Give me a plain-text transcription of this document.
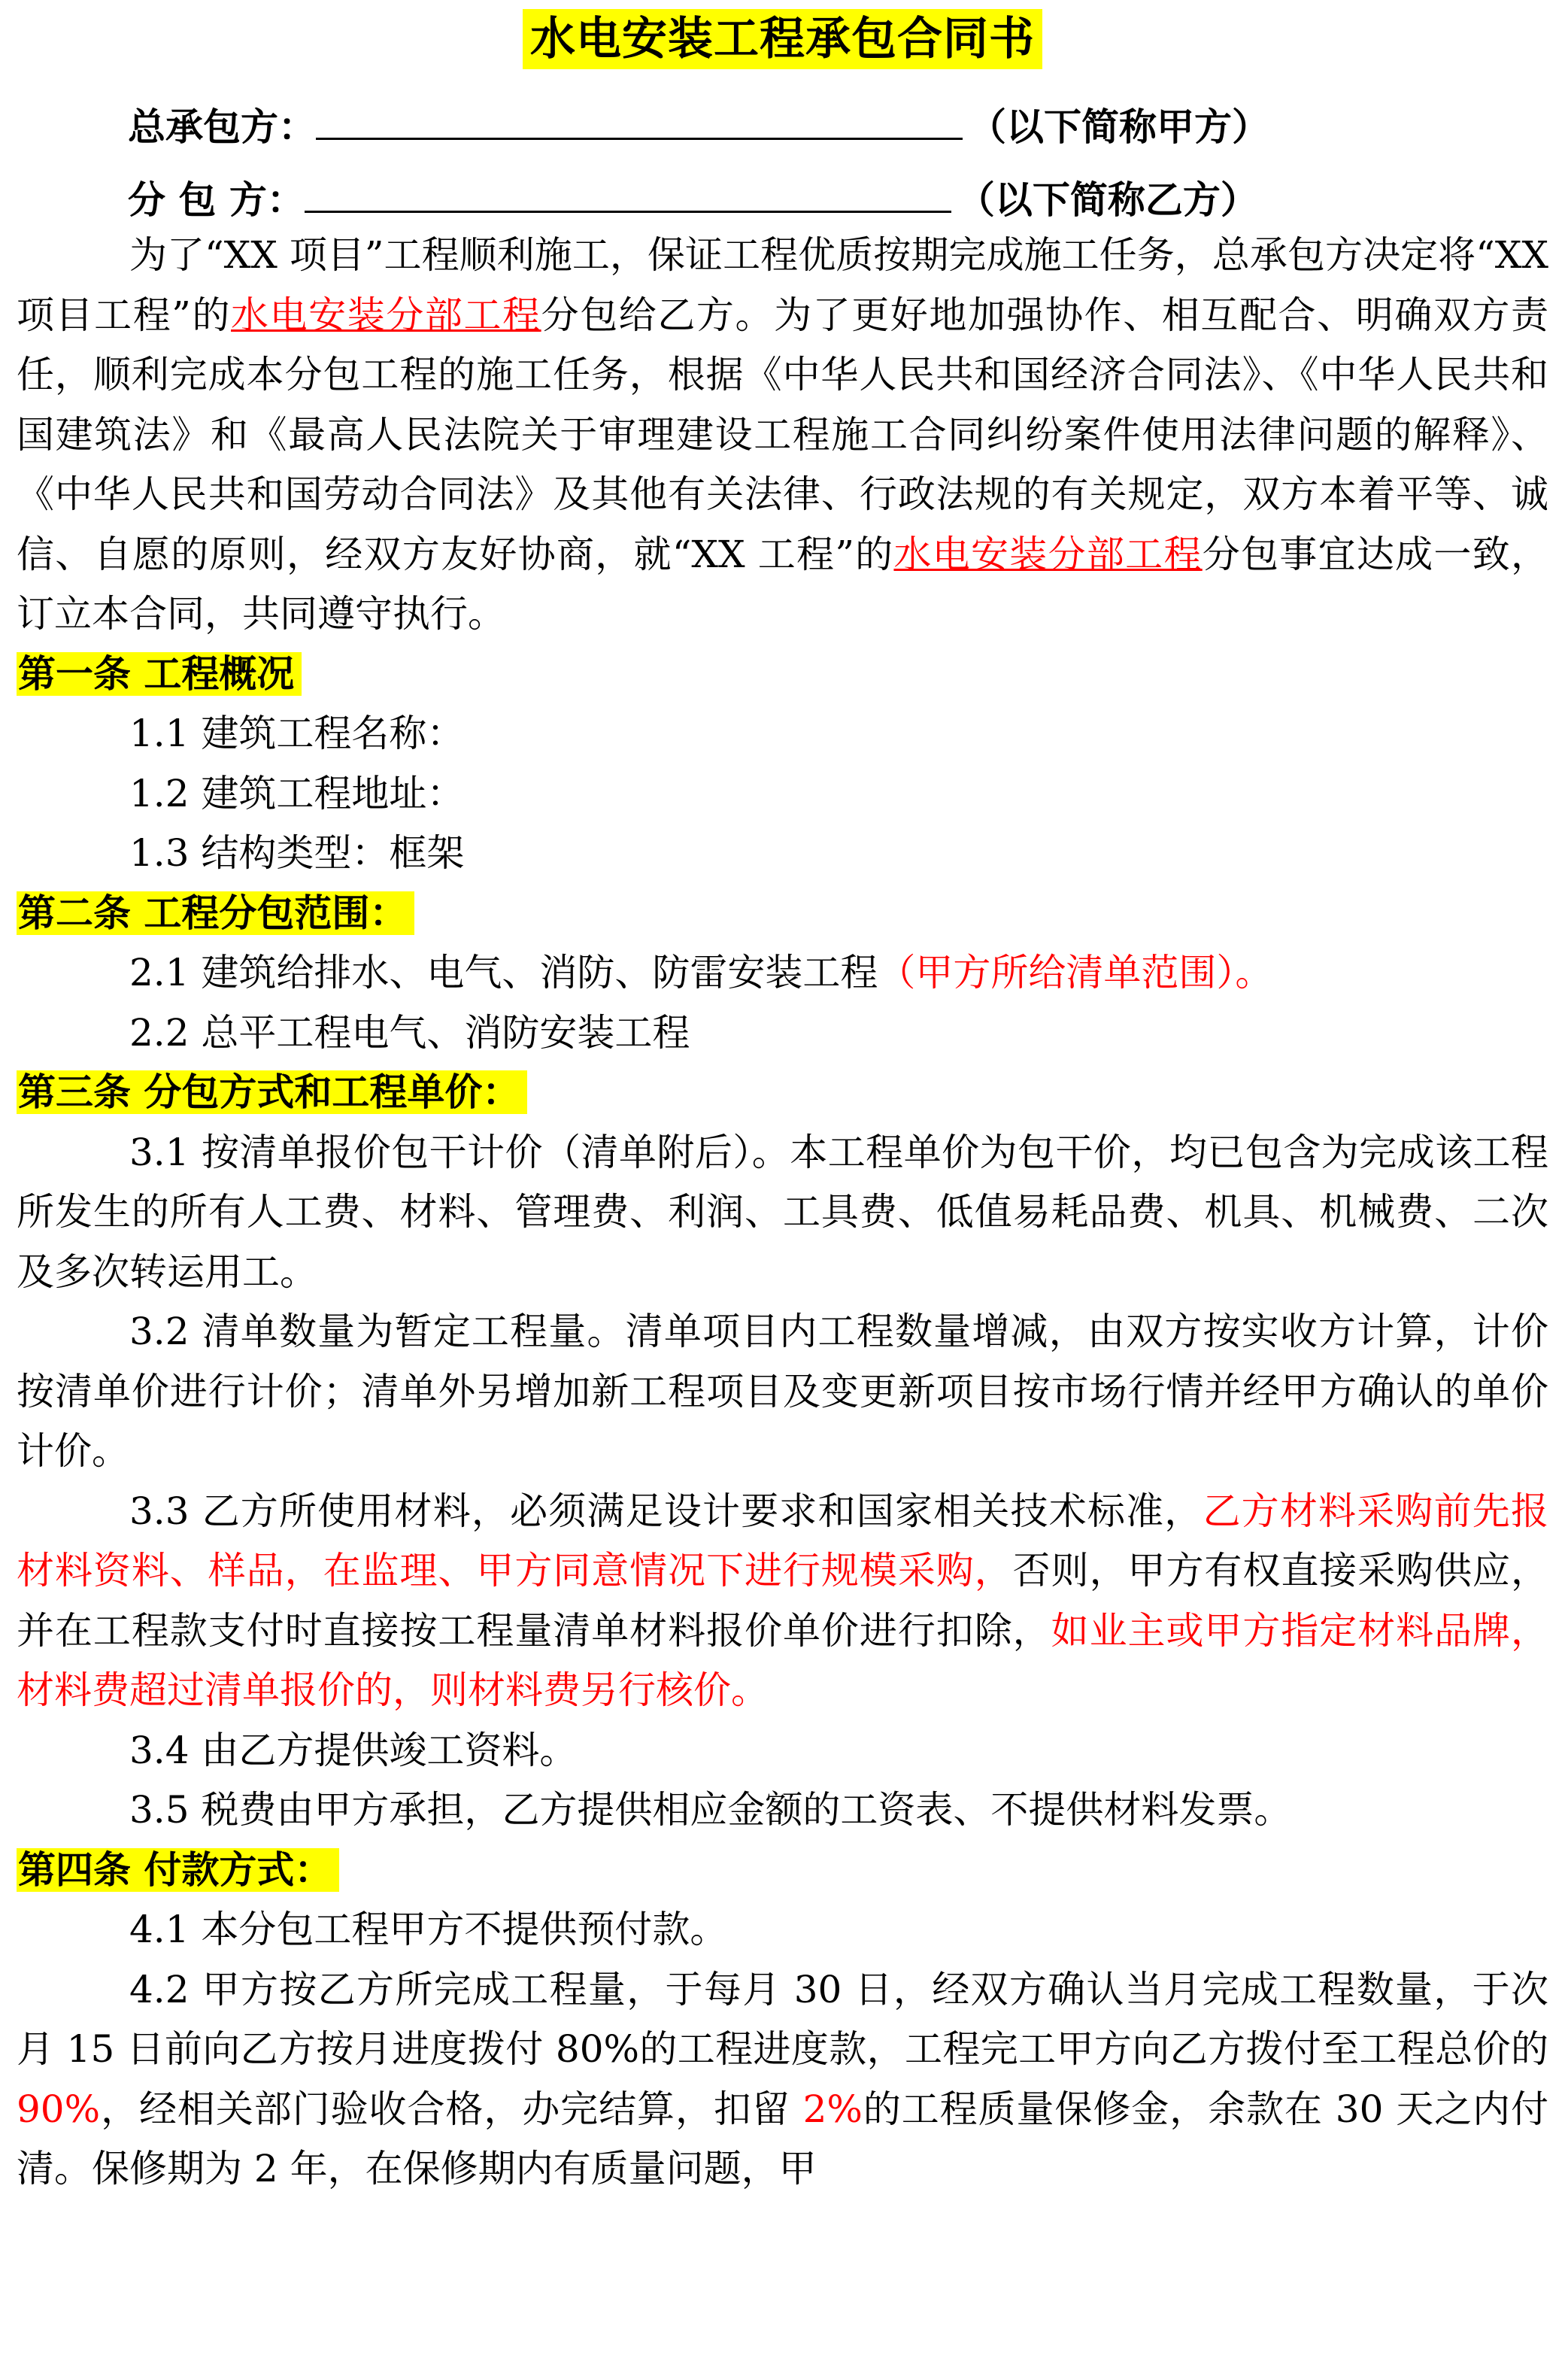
水电安装工程承包合同书
总承包方：	（以下简称甲方）
分 包 方：	（以下简称乙方）

为了“XX 项目”工程顺利施工，保证工程优质按期完成施工任务，总承包方决定将“XX 项目工程”的水电安装分部工程分包给乙方。为了更好地加强协作、相互配合、明确双方责任，顺利完成本分包工程的施工任务，根据《中华人民共和国经济合同法》、《中华人民共和国建筑法》和《最高人民法院关于审理建设工程施工合同纠纷案件使用法律问题的解释》、《中华人民共和国劳动合同法》及其他有关法律、行政法规的有关规定，双方本着平等、诚信、自愿的原则，经双方友好协商，就“XX 工程”的水电安装分部工程分包事宜达成一致，订立本合同，共同遵守执行。

第一条 工程概况
1.1 建筑工程名称：
1.2 建筑工程地址：
1.3 结构类型：框架
第二条 工程分包范围：
2.1 建筑给排水、电气、消防、防雷安装工程（甲方所给清单范围）。
2.2 总平工程电气、消防安装工程
第三条 分包方式和工程单价：

3.1 按清单报价包干计价（清单附后）。本工程单价为包干价，均已包含为完成该工程所发生的所有人工费、材料、管理费、利润、工具费、低值易耗品费、机具、机械费、二次及多次转运用工。

3.2 清单数量为暂定工程量。清单项目内工程数量增减，由双方按实收方计算，计价按清单价进行计价；清单外另增加新工程项目及变更新项目按市场行情并经甲方确认的单价计价。

3.3 乙方所使用材料，必须满足设计要求和国家相关技术标准，乙方材料采购前先报材料资料、样品，在监理、甲方同意情况下进行规模采购，否则，甲方有权直接采购供应，并在工程款支付时直接按工程量清单材料报价单价进行扣除，如业主或甲方指定材料品牌，材料费超过清单报价的，则材料费另行核价。

3.4 由乙方提供竣工资料。

3.5 税费由甲方承担，乙方提供相应金额的工资表、不提供材料发票。

第四条 付款方式：

4.1 本分包工程甲方不提供预付款。

4.2 甲方按乙方所完成工程量，于每月 30 日，经双方确认当月完成工程数量，于次月 15 日前向乙方按月进度拨付 80%的工程进度款，工程完工甲方向乙方拨付至工程总价的 90%，经相关部门验收合格，办完结算，扣留 2%的工程质量保修金，余款在 30 天之内付清。保修期为 2 年，在保修期内有质量问题，甲
